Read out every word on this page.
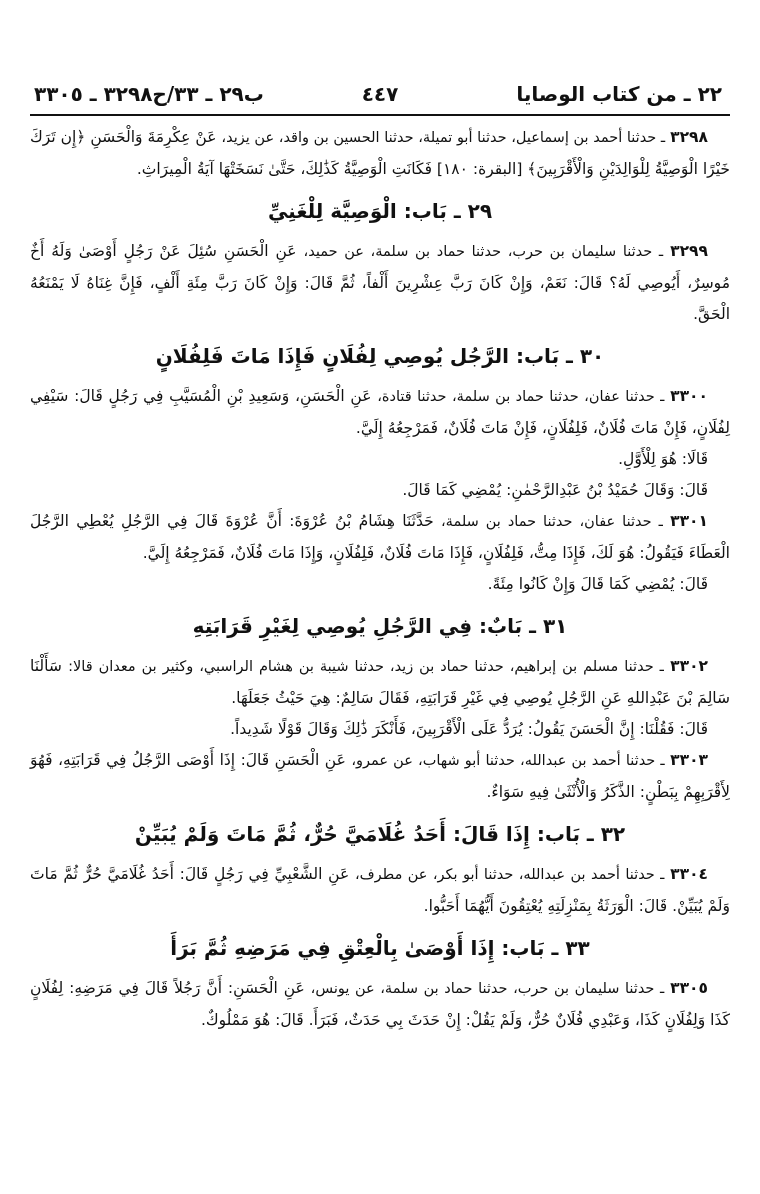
٢٢ ـ من كتاب الوصايا
٤٤٧
ب٢٩ ـ ٣٣/ح٣٢٩٨ ـ ٣٣٠٥

٣٢٩٨ ـ حدثنا أحمد بن إسماعيل، حدثنا أبو تميلة، حدثنا الحسين بن واقد، عن يزيد، عَنْ عِكْرِمَةَ وَالْحَسَنِ ﴿إِن تَرَكَ خَيْرًا الْوَصِيَّةُ لِلْوَالِدَيْنِ وَالْأَقْرَبِينَ﴾ [البقرة: ١٨٠] فَكَانَتِ الْوَصِيَّةُ كَذَٰلِكَ، حَتَّىٰ نَسَخَتْهَا آيَةُ الْمِيرَاثِ.

٢٩ ـ بَاب: الْوَصِيَّة لِلْغَنِيِّ

٣٢٩٩ ـ حدثنا سليمان بن حرب، حدثنا حماد بن سلمة، عن حميد، عَنِ الْحَسَنِ سُئِلَ عَنْ رَجُلٍ أَوْصَىٰ وَلَهُ أَخٌ مُوسِرٌ، أَيُوصِي لَهُ؟ قَالَ: نَعَمْ، وَإِنْ كَانَ رَبَّ عِشْرِينَ أَلْفاً، ثُمَّ قَالَ: وَإِنْ كَانَ رَبَّ مِئَةِ أَلْفٍ، فَإِنَّ غِنَاهُ لَا يَمْنَعُهُ الْحَقَّ.

٣٠ ـ بَاب: الرَّجُل يُوصِي لِفُلَانٍ فَإِذَا مَاتَ فَلِفُلَانٍ

٣٣٠٠ ـ حدثنا عفان، حدثنا حماد بن سلمة، حدثنا قتادة، عَنِ الْحَسَنِ، وَسَعِيدِ بْنِ الْمُسَيَّبِ فِي رَجُلٍ قَالَ: سَيْفِي لِفُلَانٍ، فَإِنْ مَاتَ فُلَانٌ، فَلِفُلَانٍ، فَإِنْ مَاتَ فُلَانٌ، فَمَرْجِعُهُ إِلَيَّ.

قَالَا: هُوَ لِلْأَوَّلِ.

قَالَ: وَقَالَ حُمَيْدُ بْنُ عَبْدِالرَّحْمٰنِ: يُمْضِي كَمَا قَالَ.

٣٣٠١ ـ حدثنا عفان، حدثنا حماد بن سلمة، حَدَّثَنَا هِشَامُ بْنُ عُرْوَةَ: أَنَّ عُرْوَةَ قَالَ فِي الرَّجُلِ يُعْطِي الرَّجُلَ الْعَطَاءَ فَيَقُولُ: هُوَ لَكَ، فَإِذَا مِتُّ، فَلِفُلَانٍ، فَإِذَا مَاتَ فُلَانٌ، فَلِفُلَانٍ، وَإِذَا مَاتَ فُلَانٌ، فَمَرْجِعُهُ إِلَيَّ.

قَالَ: يُمْضِي كَمَا قَالَ وَإِنْ كَانُوا مِئَةً.

٣١ ـ بَابٌ: فِي الرَّجُلِ يُوصِي لِغَيْرِ قَرَابَتِهِ

٣٣٠٢ ـ حدثنا مسلم بن إبراهيم، حدثنا حماد بن زيد، حدثنا شيبة بن هشام الراسبي، وكثير بن معدان قالا: سَأَلْنَا سَالِمَ بْنَ عَبْدِاللهِ عَنِ الرَّجُلِ يُوصِي فِي غَيْرِ قَرَابَتِهِ، فَقَالَ سَالِمٌ: هِيَ حَيْثُ جَعَلَهَا.

قَالَ: فَقُلْنَا: إِنَّ الْحَسَنَ يَقُولُ: يُرَدُّ عَلَى الْأَقْرَبِينَ، فَأَنْكَرَ ذَٰلِكَ وَقَالَ قَوْلًا شَدِيداً.

٣٣٠٣ ـ حدثنا أحمد بن عبدالله، حدثنا أبو شهاب، عن عمرو، عَنِ الْحَسَنِ قَالَ: إِذَا أَوْصَى الرَّجُلُ فِي قَرَابَتِهِ، فَهُوَ لِأَقْرَبِهِمْ بِبَطْنٍ: الذَّكَرُ وَالْأُنْثَىٰ فِيهِ سَوَاءٌ.

٣٢ ـ بَاب: إِذَا قَالَ: أَحَدُ غُلَامَيَّ حُرٌّ، ثُمَّ مَاتَ وَلَمْ يُبَيِّنْ

٣٣٠٤ ـ حدثنا أحمد بن عبدالله، حدثنا أبو بكر، عن مطرف، عَنِ الشَّعْبِيِّ فِي رَجُلٍ قَالَ: أَحَدُ غُلَامَيَّ حُرٌّ ثُمَّ مَاتَ وَلَمْ يُبَيِّنْ. قَالَ: الْوَرَثَةُ بِمَنْزِلَتِهِ يُعْتِقُونَ أَيُّهُمَا أَحَبُّوا.

٣٣ ـ بَاب: إِذَا أَوْصَىٰ بِالْعِتْقِ فِي مَرَضِهِ ثُمَّ بَرَأَ

٣٣٠٥ ـ حدثنا سليمان بن حرب، حدثنا حماد بن سلمة، عن يونس، عَنِ الْحَسَنِ: أَنَّ رَجُلاً قَالَ فِي مَرَضِهِ: لِفُلَانٍ كَذَا وَلِفُلَانٍ كَذَا، وَعَبْدِي فُلَانٌ حُرٌّ، وَلَمْ يَقُلْ: إِنْ حَدَثَ بِي حَدَثٌ، فَبَرَأَ. قَالَ: هُوَ مَمْلُوكٌ.
